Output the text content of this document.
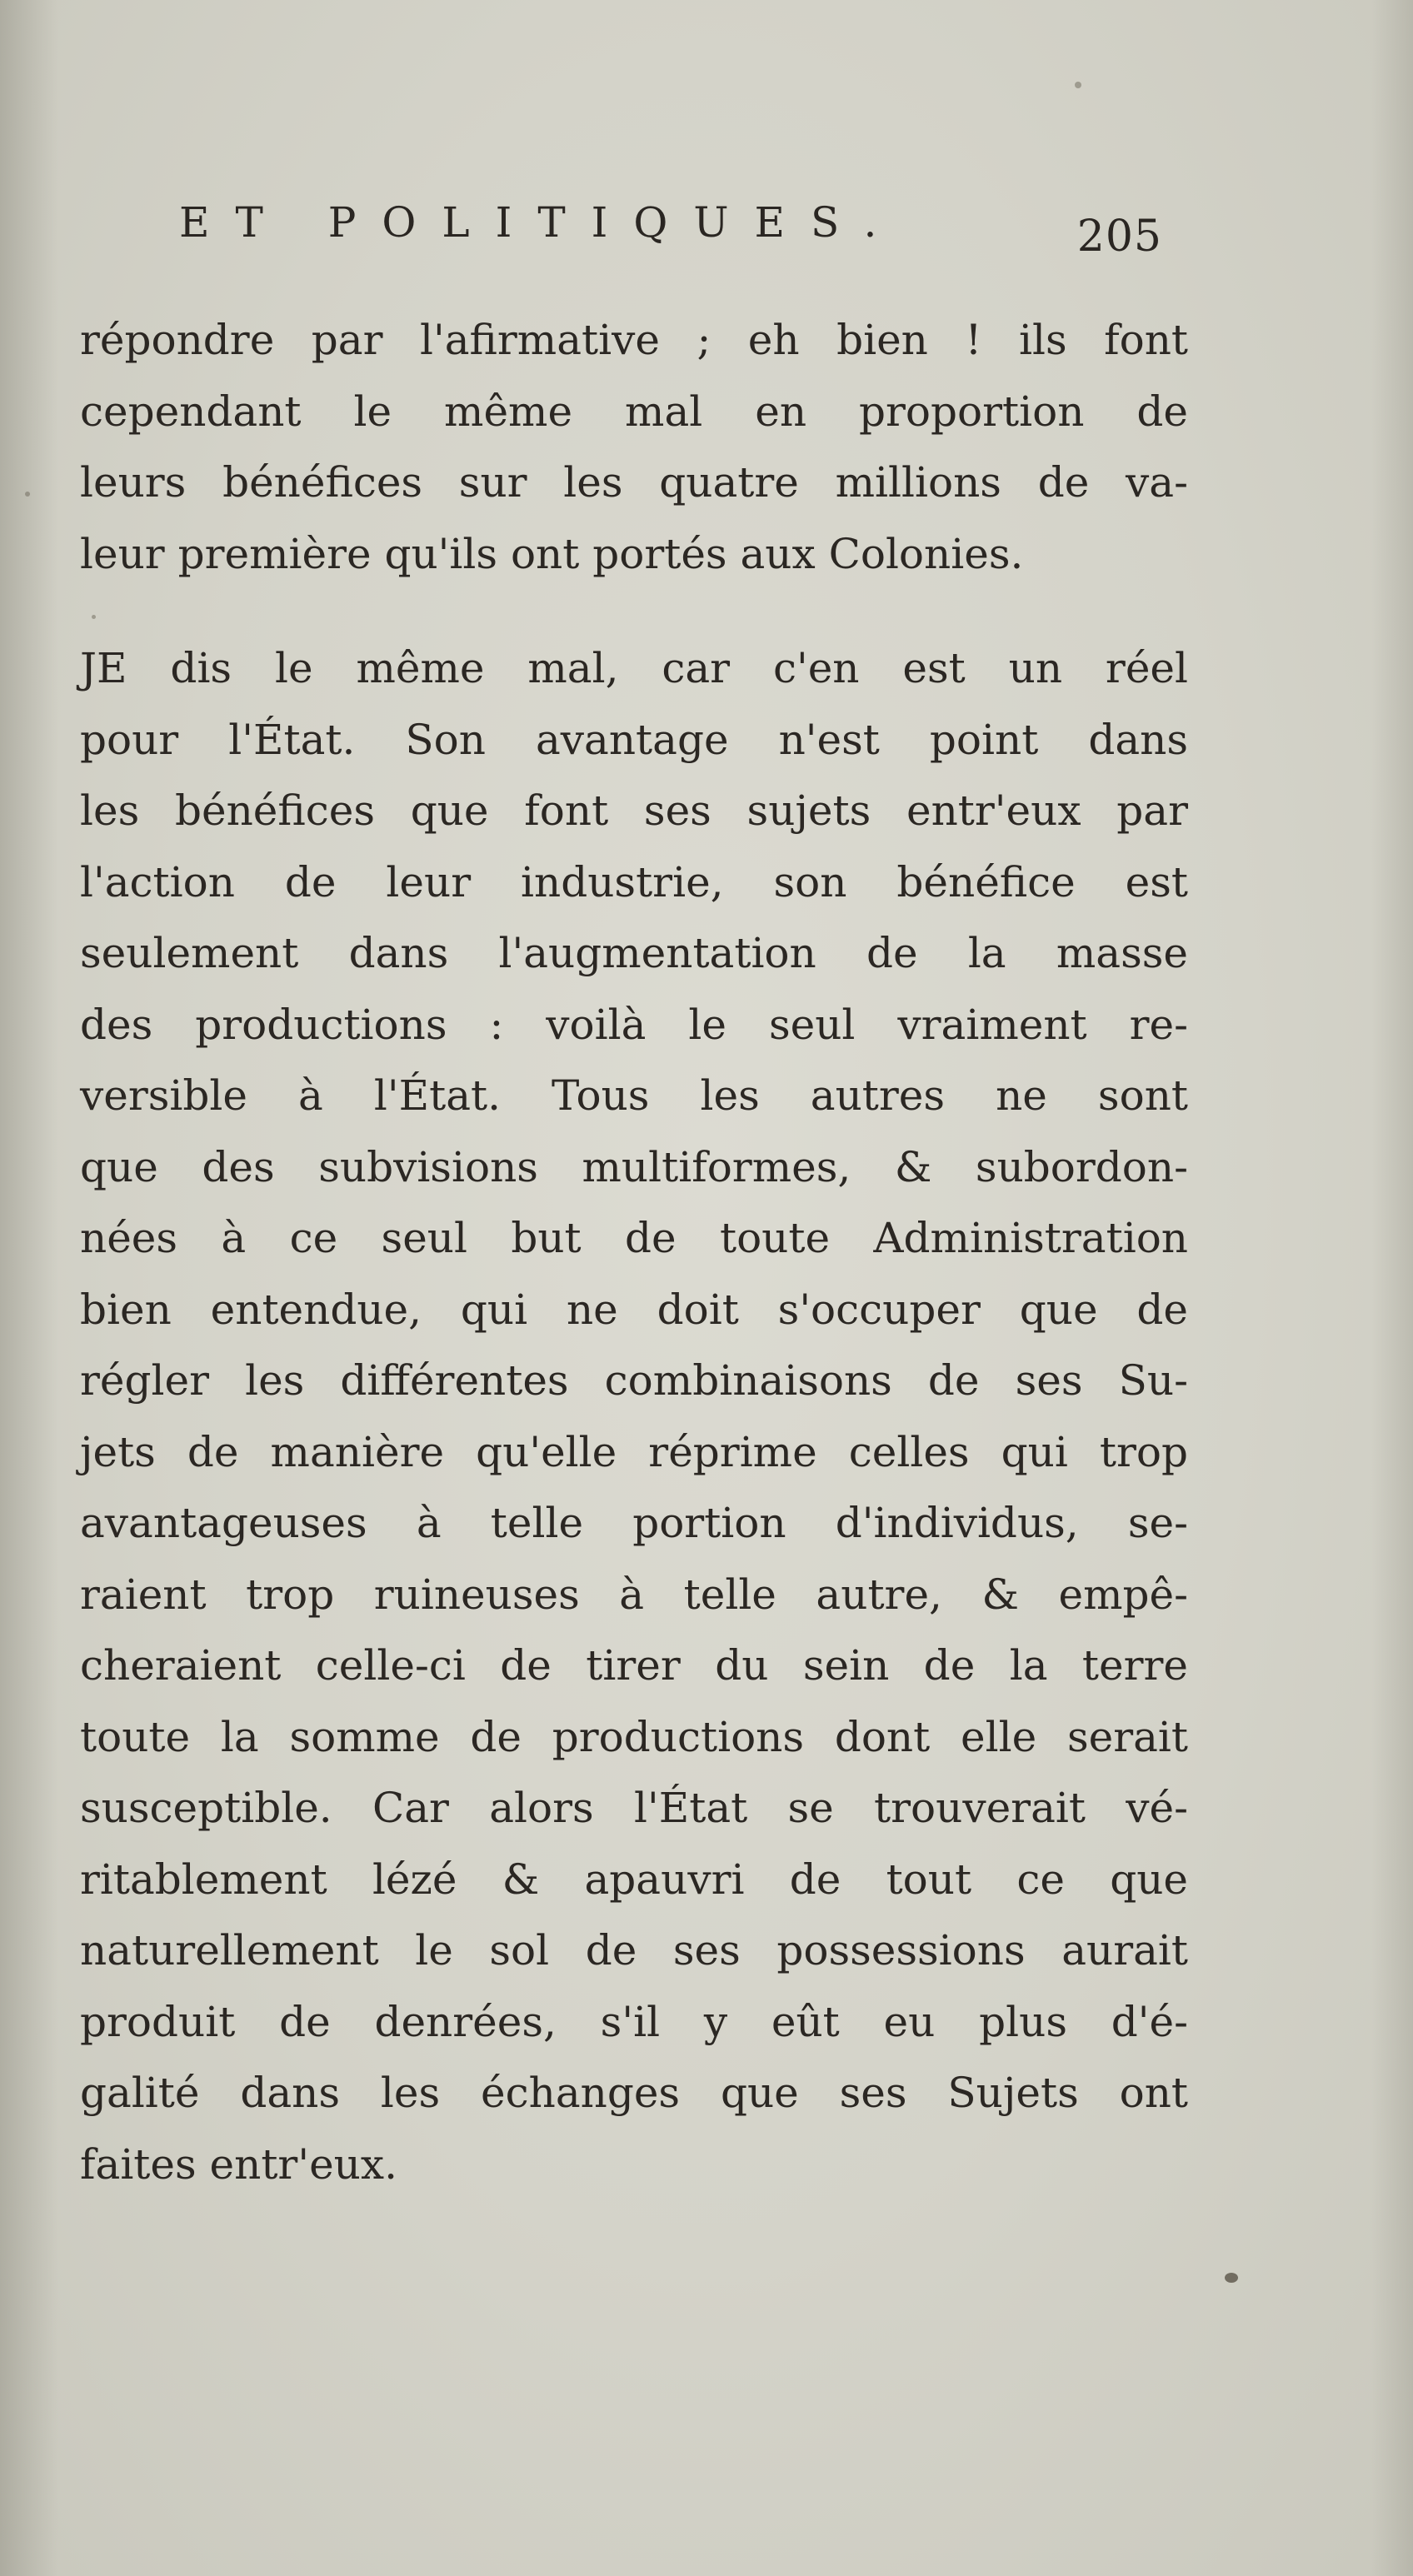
ET POLITIQUES.	205
répondre par l'afirmative ; eh bien ! ils font
cependant le même mal en proportion de
leurs bénéfices sur les quatre millions de va-
leur première qu'ils ont portés aux Colonies.
JE dis le même mal, car c'en est un réel
pour l'État. Son avantage n'est point dans
les bénéfices que font ses sujets entr'eux par
l'action de leur industrie, son bénéfice est
seulement dans l'augmentation de la masse
des productions : voilà le seul vraiment re-
versible à l'État. Tous les autres ne sont
que des subvisions multiformes, & subordon-
nées à ce seul but de toute Administration
bien entendue, qui ne doit s'occuper que de
régler les différentes combinaisons de ses Su-
jets de manière qu'elle réprime celles qui trop
avantageuses à telle portion d'individus, se-
raient trop ruineuses à telle autre, & empê-
cheraient celle-ci de tirer du sein de la terre
toute la somme de productions dont elle serait
susceptible. Car alors l'État se trouverait vé-
ritablement lézé & apauvri de tout ce que
naturellement le sol de ses possessions aurait
produit de denrées, s'il y eût eu plus d'é-
galité dans les échanges que ses Sujets ont
faites entr'eux.
